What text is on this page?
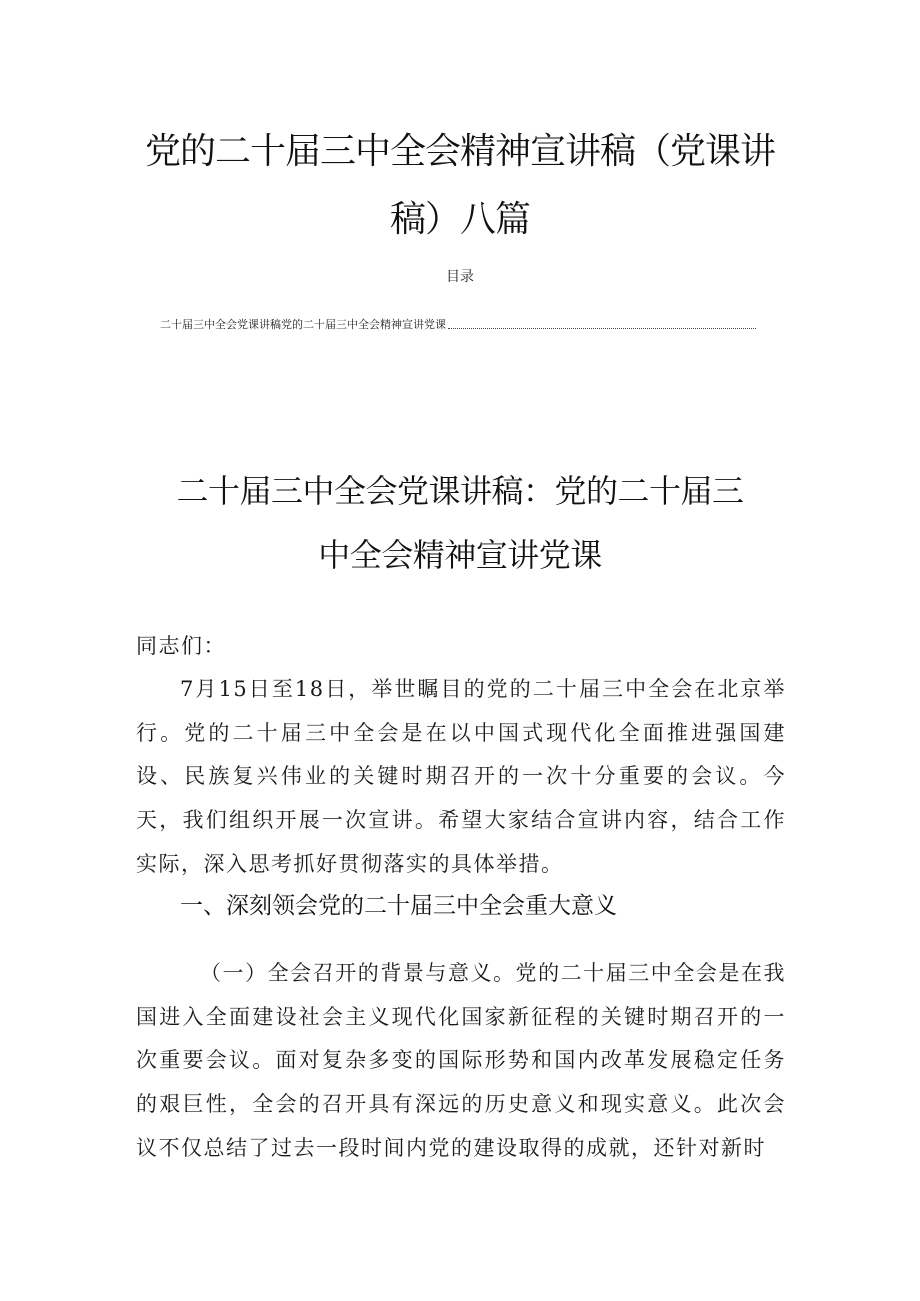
党的二十届三中全会精神宣讲稿（党课讲
稿）八篇
目录
二十届三中全会党课讲稿党的二十届三中全会精神宣讲党课
二十届三中全会党课讲稿：党的二十届三
中全会精神宣讲党课

同志们：

7月15日至18日，举世瞩目的党的二十届三中全会在北京举行。党的二十届三中全会是在以中国式现代化全面推进强国建设、民族复兴伟业的关键时期召开的一次十分重要的会议。今天，我们组织开展一次宣讲。希望大家结合宣讲内容，结合工作实际，深入思考抓好贯彻落实的具体举措。

一、深刻领会党的二十届三中全会重大意义

（一）全会召开的背景与意义。党的二十届三中全会是在我国进入全面建设社会主义现代化国家新征程的关键时期召开的一次重要会议。面对复杂多变的国际形势和国内改革发展稳定任务的艰巨性，全会的召开具有深远的历史意义和现实意义。此次会议不仅总结了过去一段时间内党的建设取得的成就，还针对新时
